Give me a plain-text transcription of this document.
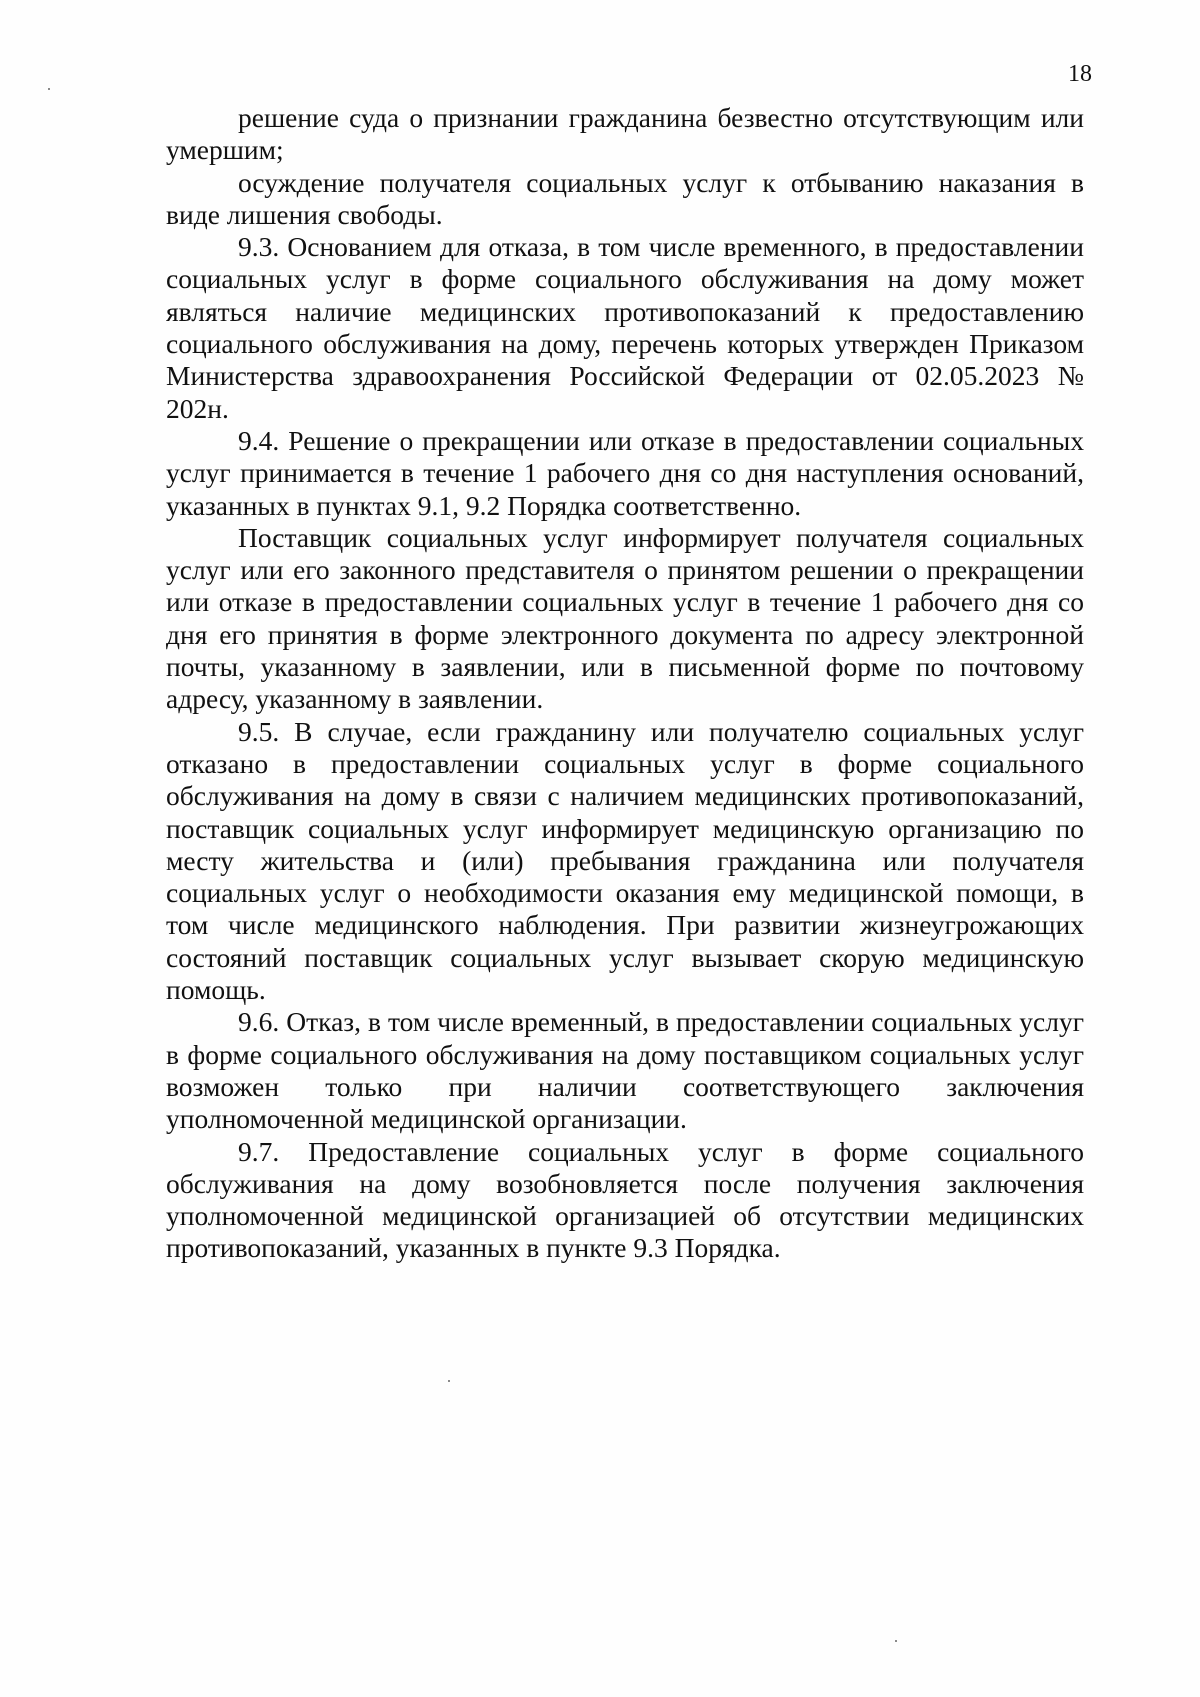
18

решение суда о признании гражданина безвестно отсутствующим или умершим;

осуждение получателя социальных услуг к отбыванию наказания в виде лишения свободы.

9.3. Основанием для отказа, в том числе временного, в предоставлении социальных услуг в форме социального обслуживания на дому может являться наличие медицинских противопоказаний к предоставлению социального обслуживания на дому, перечень которых утвержден Приказом Министерства здравоохранения Российской Федерации от 02.05.2023 № 202н.

9.4. Решение о прекращении или отказе в предоставлении социальных услуг принимается в течение 1 рабочего дня со дня наступления оснований, указанных в пунктах 9.1, 9.2 Порядка соответственно.

Поставщик социальных услуг информирует получателя социальных услуг или его законного представителя о принятом решении о прекращении или отказе в предоставлении социальных услуг в течение 1 рабочего дня со дня его принятия в форме электронного документа по адресу электронной почты, указанному в заявлении, или в письменной форме по почтовому адресу, указанному в заявлении.

9.5. В случае, если гражданину или получателю социальных услуг отказано в предоставлении социальных услуг в форме социального обслуживания на дому в связи с наличием медицинских противопоказаний, поставщик социальных услуг информирует медицинскую организацию по месту жительства и (или) пребывания гражданина или получателя социальных услуг о необходимости оказания ему медицинской помощи, в том числе медицинского наблюдения. При развитии жизнеугрожающих состояний поставщик социальных услуг вызывает скорую медицинскую помощь.

9.6. Отказ, в том числе временный, в предоставлении социальных услуг в форме социального обслуживания на дому поставщиком социальных услуг возможен только при наличии соответствующего заключения уполномоченной медицинской организации.

9.7. Предоставление социальных услуг в форме социального обслуживания на дому возобновляется после получения заключения уполномоченной медицинской организацией об отсутствии медицинских противопоказаний, указанных в пункте 9.3 Порядка.
